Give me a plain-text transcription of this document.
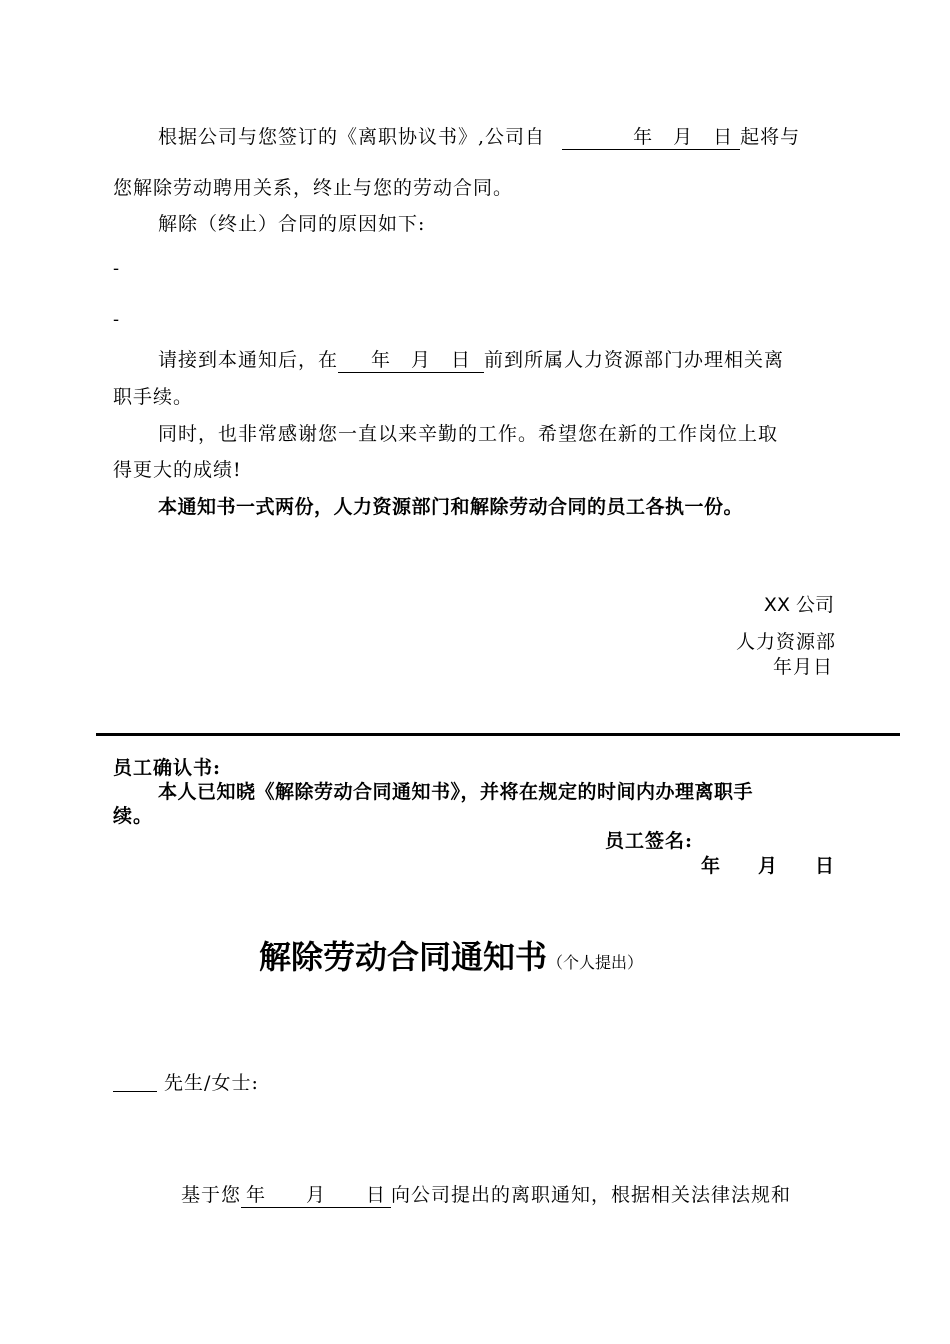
根据公司与您签订的《离职协议书》,公司自	年　月　日 起将与
您解除劳动聘用关系，终止与您的劳动合同。
解除（终止）合同的原因如下:
-
-
请接到本通知后，在 年　月　日 前到所属人力资源部门办理相关离
职手续。
同时，也非常感谢您一直以来辛勤的工作。希望您在新的工作岗位上取
得更大的成绩!
本通知书一式两份，人力资源部门和解除劳动合同的员工各执一份。
XX 公司
人力资源部
年月日
员工确认书:
本人已知晓《解除劳动合同通知书》，并将在规定的时间内办理离职手
续。
员工签名:
年　　月　　日
解除劳动合同通知书（个人提出）
先生/女士:
基于您 年　　月　　日 向公司提出的离职通知，根据相关法律法规和
